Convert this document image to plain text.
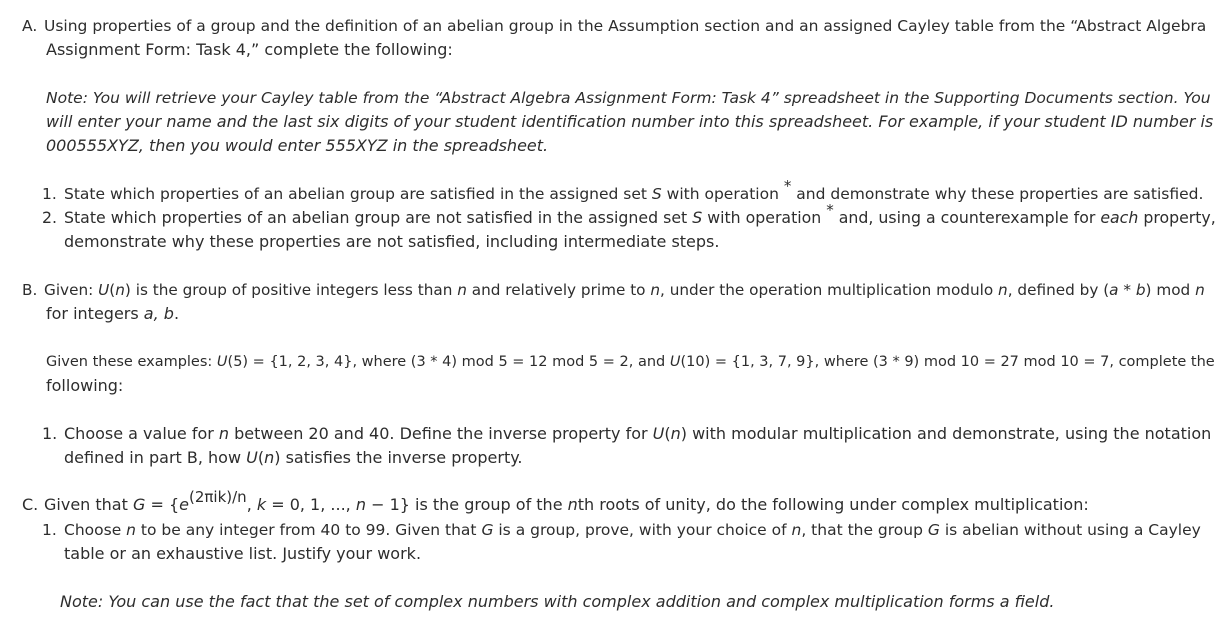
A. Using properties of a group and the definition of an abelian group in the Assumption section and an assigned Cayley table from the “Abstract Algebra
Assignment Form: Task 4,” complete the following:
Note: You will retrieve your Cayley table from the “Abstract Algebra Assignment Form: Task 4” spreadsheet in the Supporting Documents section. You
will enter your name and the last six digits of your student identification number into this spreadsheet. For example, if your student ID number is
000555XYZ, then you would enter 555XYZ in the spreadsheet.
1. State which properties of an abelian group are satisfied in the assigned set S with operation * and demonstrate why these properties are satisfied.
2. State which properties of an abelian group are not satisfied in the assigned set S with operation * and, using a counterexample for each property,
demonstrate why these properties are not satisfied, including intermediate steps.
B. Given: U(n) is the group of positive integers less than n and relatively prime to n, under the operation multiplication modulo n, defined by (a * b) mod n
for integers a, b.
Given these examples: U(5) = {1, 2, 3, 4}, where (3 * 4) mod 5 = 12 mod 5 = 2, and U(10) = {1, 3, 7, 9}, where (3 * 9) mod 10 = 27 mod 10 = 7, complete the
following:
1. Choose a value for n between 20 and 40. Define the inverse property for U(n) with modular multiplication and demonstrate, using the notation
defined in part B, how U(n) satisfies the inverse property.
C. Given that G = {e(2πik)/n, k = 0, 1, ..., n − 1} is the group of the nth roots of unity, do the following under complex multiplication:
1. Choose n to be any integer from 40 to 99. Given that G is a group, prove, with your choice of n, that the group G is abelian without using a Cayley
table or an exhaustive list. Justify your work.
Note: You can use the fact that the set of complex numbers with complex addition and complex multiplication forms a field.
